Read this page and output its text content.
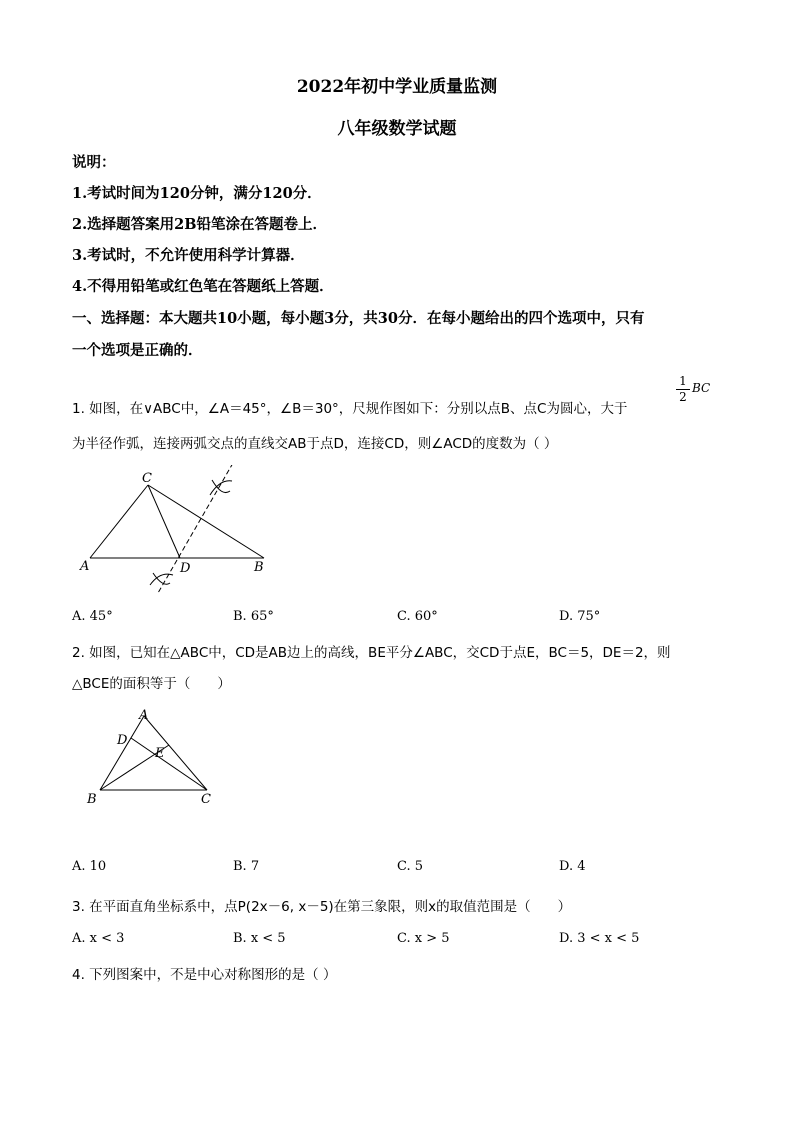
2022年初中学业质量监测
八年级数学试题
说明：
1.考试时间为120分钟，满分120分．
2.选择题答案用2B铅笔涂在答题卷上．
3.考试时，不允许使用科学计算器．
4.不得用铅笔或红色笔在答题纸上答题．
一、选择题：本大题共10小题，每小题3分，共30分．在每小题给出的四个选项中，只有
一个选项是正确的．
1. 如图，在∨ABC中，∠A＝45°，∠B＝30°，尺规作图如下：分别以点B、点C为圆心，大于
$\frac{1}{2}$ BC
为半径作弧，连接两弧交点的直线交AB于点D，连接CD，则∠ACD的度数为（ ）
C
A	D	B
A. 45°	B. 65°	C. 60°	D. 75°
2. 如图，已知在△ABC中，CD是AB边上的高线，BE平分∠ABC，交CD于点E，BC＝5，DE＝2，则
△BCE的面积等于（　　）
A
D
E
B	C
A. 10	B. 7	C. 5	D. 4
3. 在平面直角坐标系中，点P(2x－6, x－5)在第三象限，则x的取值范围是（　　）
A. x < 3	B. x < 5	C. x > 5	D. 3 < x < 5
4. 下列图案中，不是中心对称图形的是（ ）
